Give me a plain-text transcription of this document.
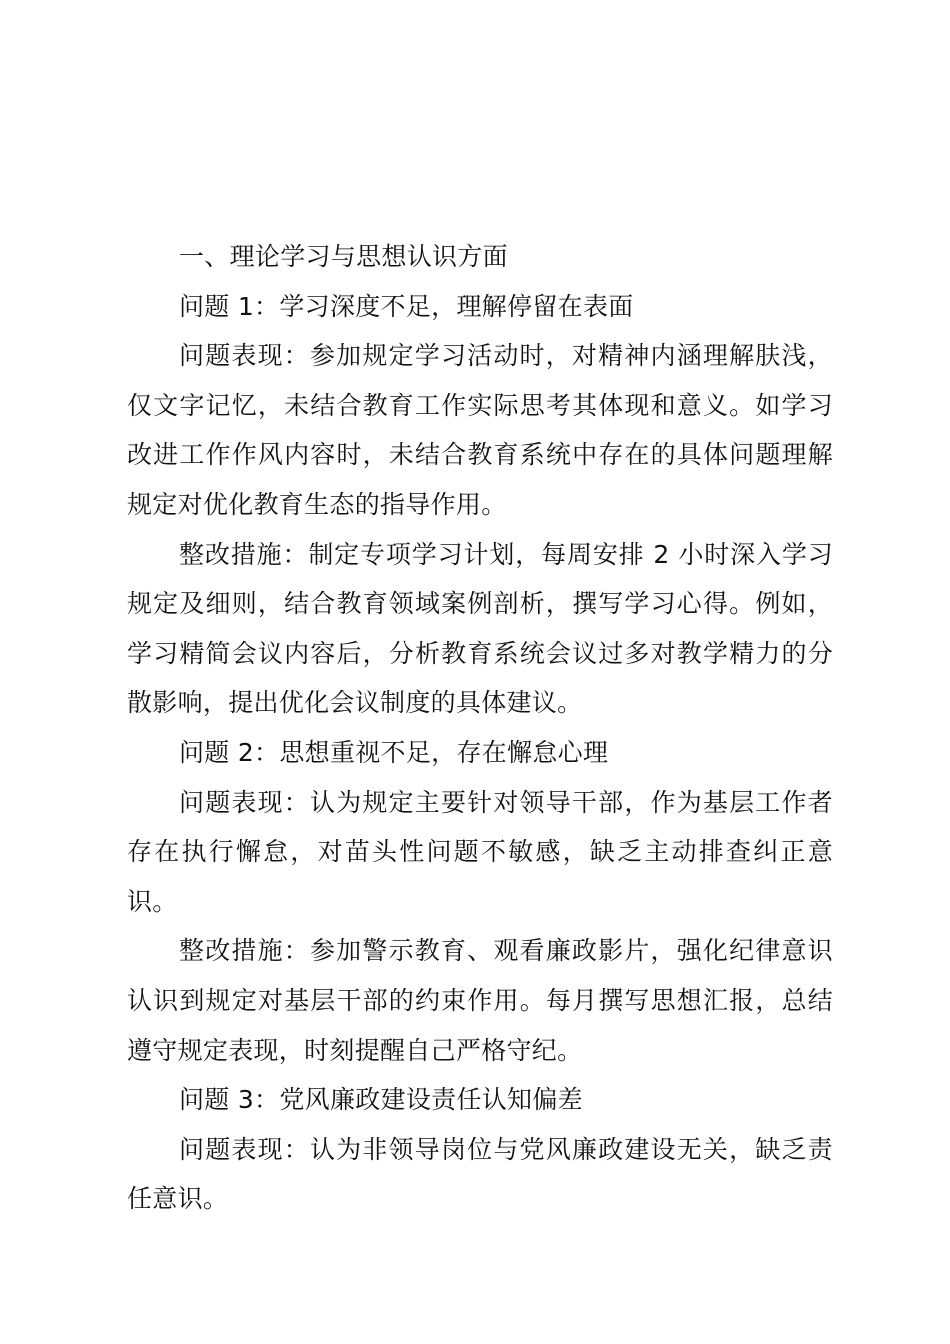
一、理论学习与思想认识方面

问题 1：学习深度不足，理解停留在表面

问题表现：参加规定学习活动时，对精神内涵理解肤浅，仅文字记忆，未结合教育工作实际思考其体现和意义。如学习改进工作作风内容时，未结合教育系统中存在的具体问题理解规定对优化教育生态的指导作用。

整改措施：制定专项学习计划，每周安排 2 小时深入学习规定及细则，结合教育领域案例剖析，撰写学习心得。例如，学习精简会议内容后，分析教育系统会议过多对教学精力的分散影响，提出优化会议制度的具体建议。

问题 2：思想重视不足，存在懈怠心理

问题表现：认为规定主要针对领导干部，作为基层工作者存在执行懈怠，对苗头性问题不敏感，缺乏主动排查纠正意识。

整改措施：参加警示教育、观看廉政影片，强化纪律意识认识到规定对基层干部的约束作用。每月撰写思想汇报，总结遵守规定表现，时刻提醒自己严格守纪。

问题 3：党风廉政建设责任认知偏差

问题表现：认为非领导岗位与党风廉政建设无关，缺乏责任意识。
